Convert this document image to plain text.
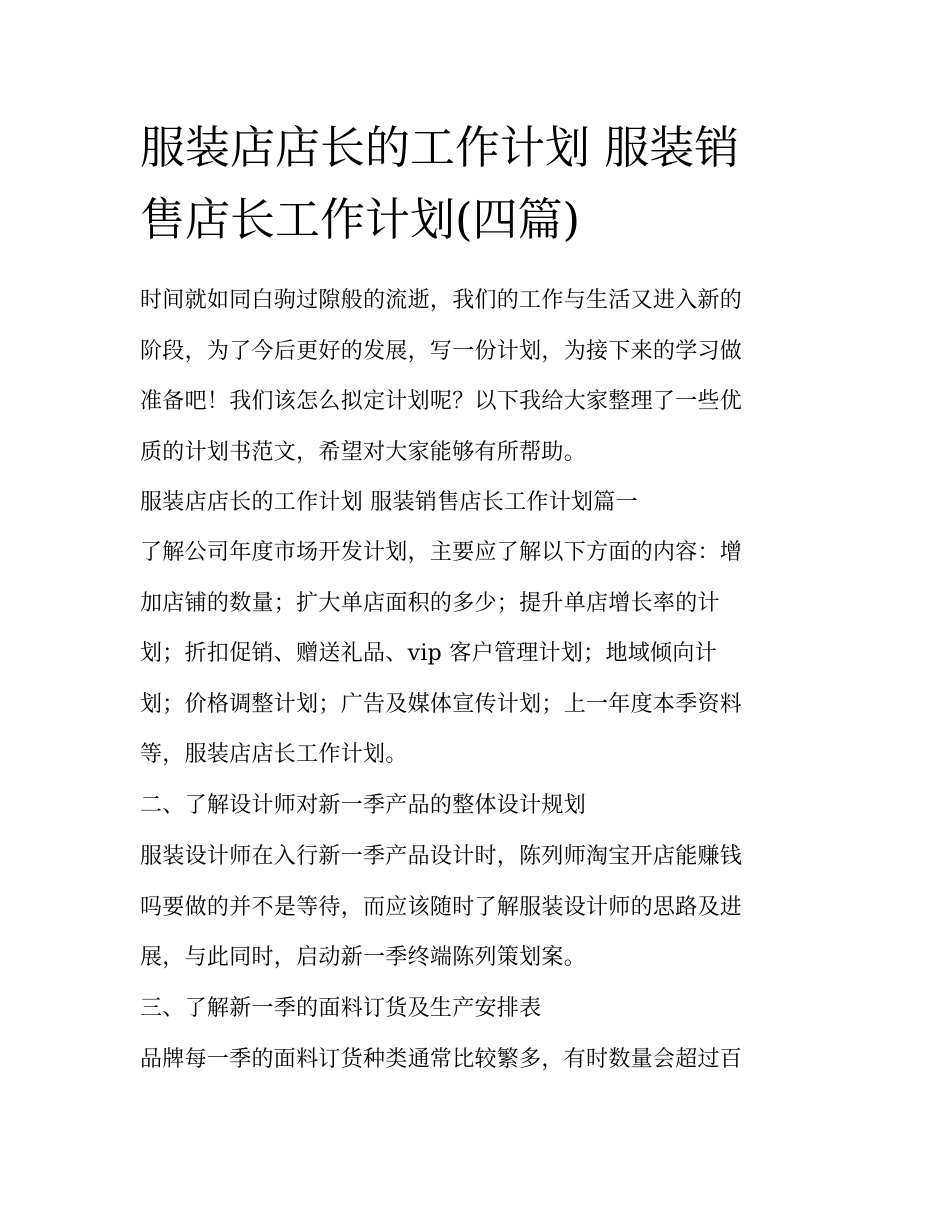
服装店店长的工作计划 服装销
售店长工作计划(四篇)

时间就如同白驹过隙般的流逝，我们的工作与生活又进入新的
阶段，为了今后更好的发展，写一份计划，为接下来的学习做
准备吧！我们该怎么拟定计划呢？以下我给大家整理了一些优
质的计划书范文，希望对大家能够有所帮助。

服装店店长的工作计划 服装销售店长工作计划篇一

了解公司年度市场开发计划，主要应了解以下方面的内容：增
加店铺的数量；扩大单店面积的多少；提升单店增长率的计
划；折扣促销、赠送礼品、vip 客户管理计划；地域倾向计
划；价格调整计划；广告及媒体宣传计划；上一年度本季资料
等，服装店店长工作计划。

二、了解设计师对新一季产品的整体设计规划

服装设计师在入行新一季产品设计时，陈列师淘宝开店能赚钱
吗要做的并不是等待，而应该随时了解服装设计师的思路及进
展，与此同时，启动新一季终端陈列策划案。

三、了解新一季的面料订货及生产安排表

品牌每一季的面料订货种类通常比较繁多，有时数量会超过百
